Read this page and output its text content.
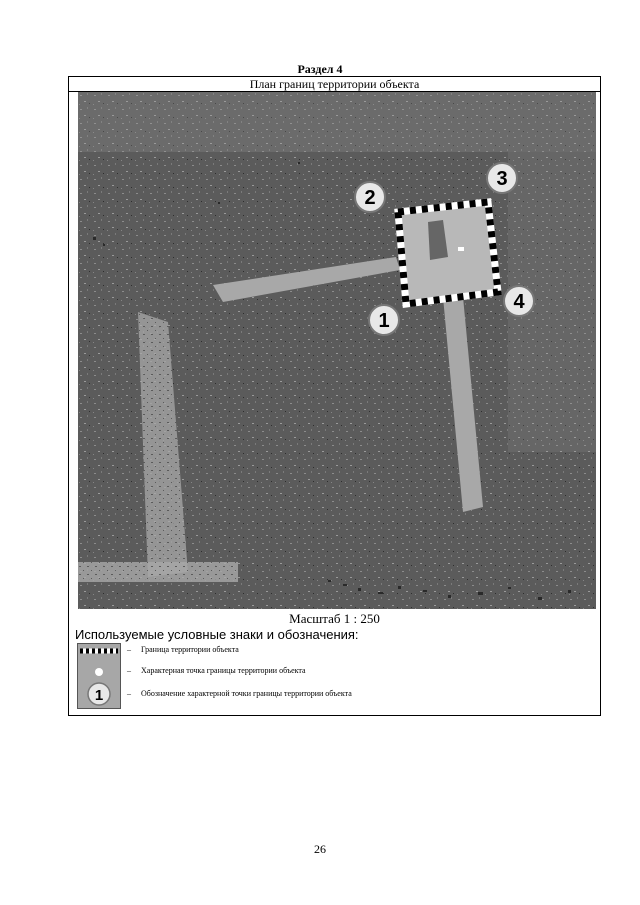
Раздел 4
План границ территории объекта
1
2
3
4
Масштаб 1 : 250
Используемые условные знаки и обозначения:
1
– Граница территории объекта
– Характерная точка границы территории объекта
– Обозначение характерной точки границы территории объекта
26
